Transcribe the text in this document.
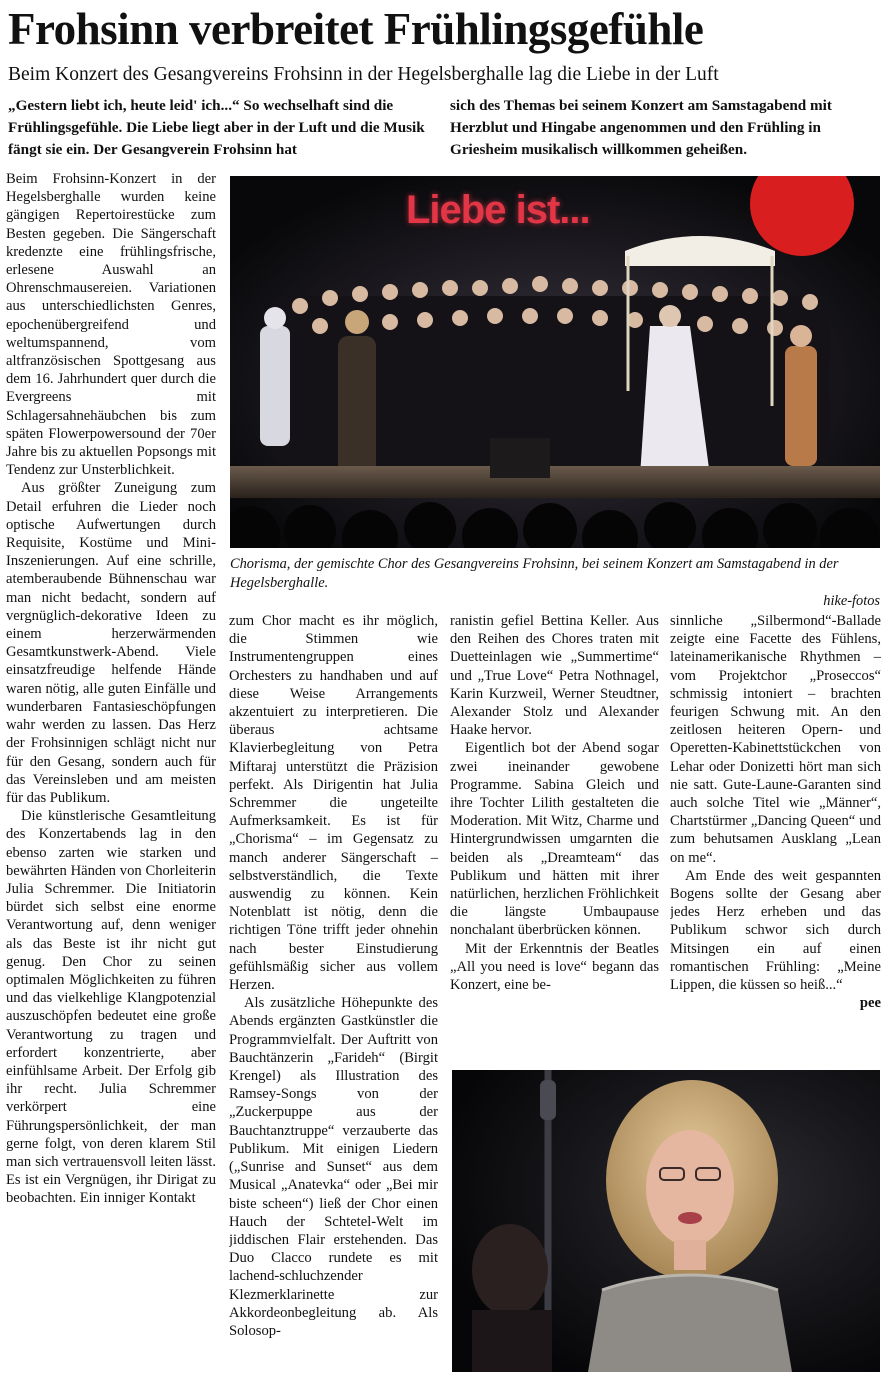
Frohsinn verbreitet Frühlingsgefühle

Beim Konzert des Gesangvereins Frohsinn in der Hegelsberghalle lag die Liebe in der Luft

„Gestern liebt ich, heute leid' ich...“ So wechselhaft sind die Frühlingsgefühle. Die Liebe liegt aber in der Luft und die Musik fängt sie ein. Der Gesangverein Frohsinn hat

sich des Themas bei seinem Konzert am Samstagabend mit Herzblut und Hingabe angenommen und den Frühling in Griesheim musikalisch willkommen geheißen.

Beim Frohsinn-Konzert in der Hegelsberghalle wurden keine gängigen Repertoirestücke zum Besten gegeben. Die Sängerschaft kredenzte eine frühlingsfrische, erlesene Auswahl an Ohrenschmausereien. Variationen aus unterschiedlichsten Genres, epochenübergreifend und weltumspannend, vom altfranzösischen Spottgesang aus dem 16. Jahrhundert quer durch die Evergreens mit Schlagersahnehäubchen bis zum späten Flowerpowersound der 70er Jahre bis zu aktuellen Popsongs mit Tendenz zur Unsterblichkeit.

Aus größter Zuneigung zum Detail erfuhren die Lieder noch optische Aufwertungen durch Requisite, Kostüme und Mini-Inszenierungen. Auf eine schrille, atemberaubende Bühnenschau war man nicht bedacht, sondern auf vergnüglich-dekorative Ideen zu einem herzerwärmenden Gesamtkunstwerk-Abend. Viele einsatzfreudige helfende Hände waren nötig, alle guten Einfälle und wunderbaren Fantasieschöpfungen wahr werden zu lassen. Das Herz der Frohsinnigen schlägt nicht nur für den Gesang, sondern auch für das Vereinsleben und am meisten für das Publikum.

Die künstlerische Gesamtleitung des Konzertabends lag in den ebenso zarten wie starken und bewährten Händen von Chorleiterin Julia Schremmer. Die Initiatorin bürdet sich selbst eine enorme Verantwortung auf, denn weniger als das Beste ist ihr nicht gut genug. Den Chor zu seinen optimalen Möglichkeiten zu führen und das vielkehlige Klangpotenzial auszuschöpfen bedeutet eine große Verantwortung zu tragen und erfordert konzentrierte, aber einfühlsame Arbeit. Der Erfolg gib ihr recht. Julia Schremmer verkörpert eine Führungspersönlichkeit, der man gerne folgt, von deren klarem Stil man sich vertrauensvoll leiten lässt. Es ist ein Vergnügen, ihr Dirigat zu beobachten. Ein inniger Kontakt

Liebe ist...
Chorisma, der gemischte Chor des Gesangvereins Frohsinn, bei seinem Konzert am Samstagabend in der Hegelsberghalle.
hike-fotos

zum Chor macht es ihr möglich, die Stimmen wie Instrumentengruppen eines Orchesters zu handhaben und auf diese Weise Arrangements akzentuiert zu interpretieren. Die überaus achtsame Klavierbegleitung von Petra Miftaraj unterstützt die Präzision perfekt. Als Dirigentin hat Julia Schremmer die ungeteilte Aufmerksamkeit. Es ist für „Chorisma“ – im Gegensatz zu manch anderer Sängerschaft – selbstverständlich, die Texte auswendig zu können. Kein Notenblatt ist nötig, denn die richtigen Töne trifft jeder ohnehin nach bester Einstudierung gefühlsmäßig sicher aus vollem Herzen.

Als zusätzliche Höhepunkte des Abends ergänzten Gastkünstler die Programmvielfalt. Der Auftritt von Bauchtänzerin „Farideh“ (Birgit Krengel) als Illustration des Ramsey-Songs von der „Zuckerpuppe aus der Bauchtanztruppe“ verzauberte das Publikum. Mit einigen Liedern („Sunrise and Sunset“ aus dem Musical „Anatevka“ oder „Bei mir biste scheen“) ließ der Chor einen Hauch der Schtetel-Welt im jiddischen Flair erstehenden. Das Duo Clacco rundete es mit lachend-schluchzender Klezmerklarinette zur Akkordeonbegleitung ab. Als Solosop-

ranistin gefiel Bettina Keller. Aus den Reihen des Chores traten mit Duetteinlagen wie „Summertime“ und „True Love“ Petra Nothnagel, Karin Kurzweil, Werner Steudtner, Alexander Stolz und Alexander Haake hervor.

Eigentlich bot der Abend sogar zwei ineinander gewobene Programme. Sabina Gleich und ihre Tochter Lilith gestalteten die Moderation. Mit Witz, Charme und Hintergrundwissen umgarnten die beiden als „Dreamteam“ das Publikum und hätten mit ihrer natürlichen, herzlichen Fröhlichkeit die längste Umbaupause nonchalant überbrücken können.

Mit der Erkenntnis der Beatles „All you need is love“ begann das Konzert, eine be-

sinnliche „Silbermond“-Ballade zeigte eine Facette des Fühlens, lateinamerikanische Rhythmen – vom Projektchor „Proseccos“ schmissig intoniert – brachten feurigen Schwung mit. An den zeitlosen heiteren Opern- und Operetten-Kabinettstückchen von Lehar oder Donizetti hört man sich nie satt. Gute-Laune-Garanten sind auch solche Titel wie „Männer“, Chartstürmer „Dancing Queen“ und zum behutsamen Ausklang „Lean on me“.

Am Ende des weit gespannten Bogens sollte der Gesang aber jedes Herz erheben und das Publikum schwor sich durch Mitsingen ein auf einen romantischen Frühling: „Meine Lippen, die küssen so heiß...“

pee
